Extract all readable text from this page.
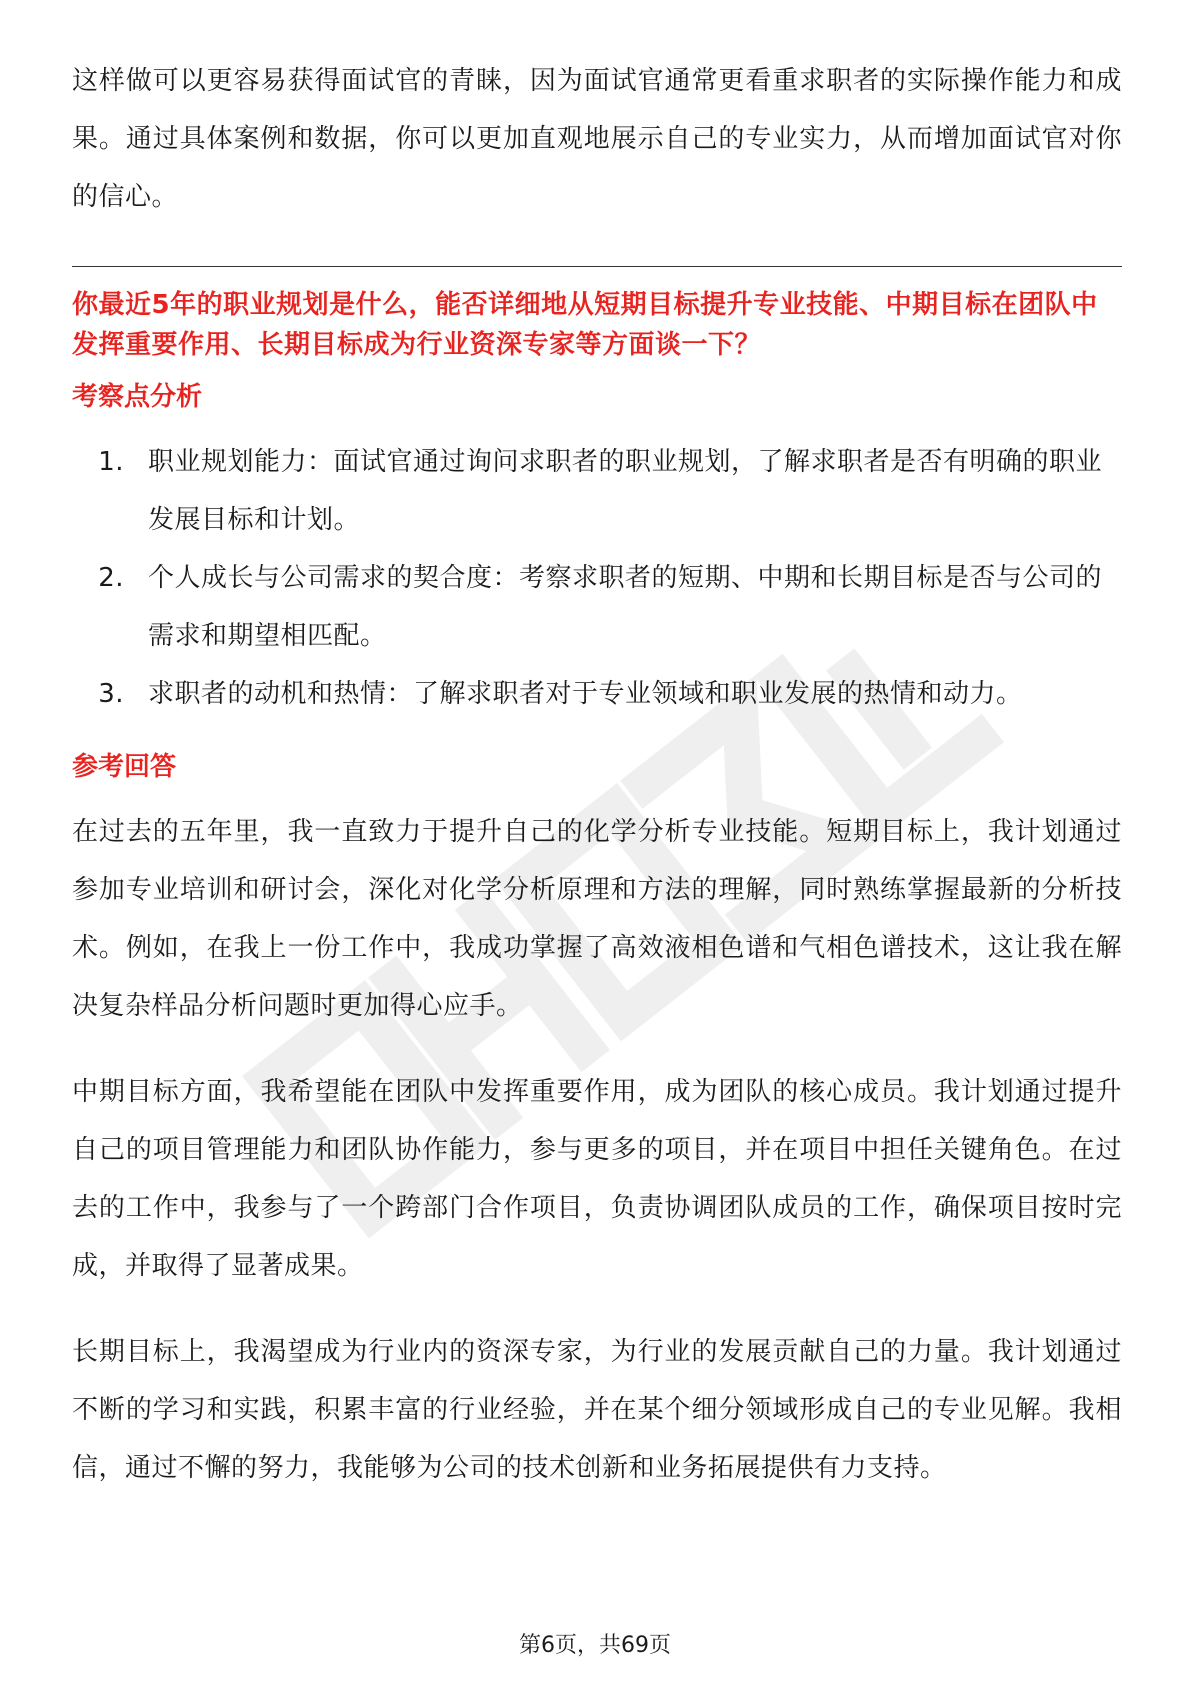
这样做可以更容易获得面试官的青睐，因为面试官通常更看重求职者的实际操作能力和成果。通过具体案例和数据，你可以更加直观地展示自己的专业实力，从而增加面试官对你的信心。

你最近5年的职业规划是什么，能否详细地从短期目标提升专业技能、中期目标在团队中发挥重要作用、长期目标成为行业资深专家等方面谈一下？

考察点分析
1. 职业规划能力：面试官通过询问求职者的职业规划，了解求职者是否有明确的职业发展目标和计划。
2. 个人成长与公司需求的契合度：考察求职者的短期、中期和长期目标是否与公司的需求和期望相匹配。
3. 求职者的动机和热情：了解求职者对于专业领域和职业发展的热情和动力。
参考回答

在过去的五年里，我一直致力于提升自己的化学分析专业技能。短期目标上，我计划通过参加专业培训和研讨会，深化对化学分析原理和方法的理解，同时熟练掌握最新的分析技术。例如，在我上一份工作中，我成功掌握了高效液相色谱和气相色谱技术，这让我在解决复杂样品分析问题时更加得心应手。

中期目标方面，我希望能在团队中发挥重要作用，成为团队的核心成员。我计划通过提升自己的项目管理能力和团队协作能力，参与更多的项目，并在项目中担任关键角色。在过去的工作中，我参与了一个跨部门合作项目，负责协调团队成员的工作，确保项目按时完成，并取得了显著成果。

长期目标上，我渴望成为行业内的资深专家，为行业的发展贡献自己的力量。我计划通过不断的学习和实践，积累丰富的行业经验，并在某个细分领域形成自己的专业见解。我相信，通过不懈的努力，我能够为公司的技术创新和业务拓展提供有力支持。

第6页，共69页
